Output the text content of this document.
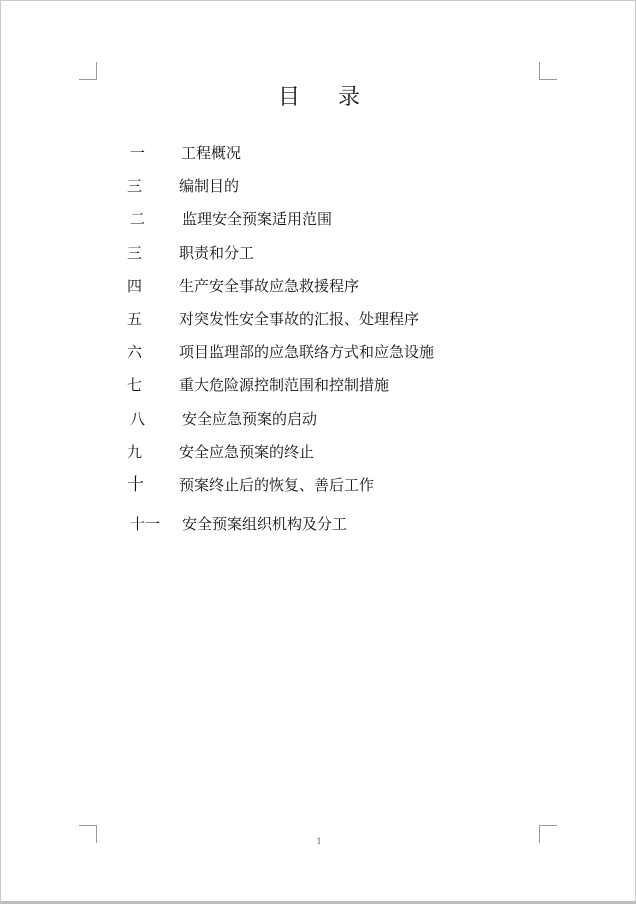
目 录
一 工程概况
三 编制目的
二 监理安全预案适用范围
三 职责和分工
四 生产安全事故应急救援程序
五 对突发性安全事故的汇报、处理程序
六 项目监理部的应急联络方式和应急设施
七 重大危险源控制范围和控制措施
八 安全应急预案的启动
九 安全应急预案的终止
十 预案终止后的恢复、善后工作
十一 安全预案组织机构及分工
1
